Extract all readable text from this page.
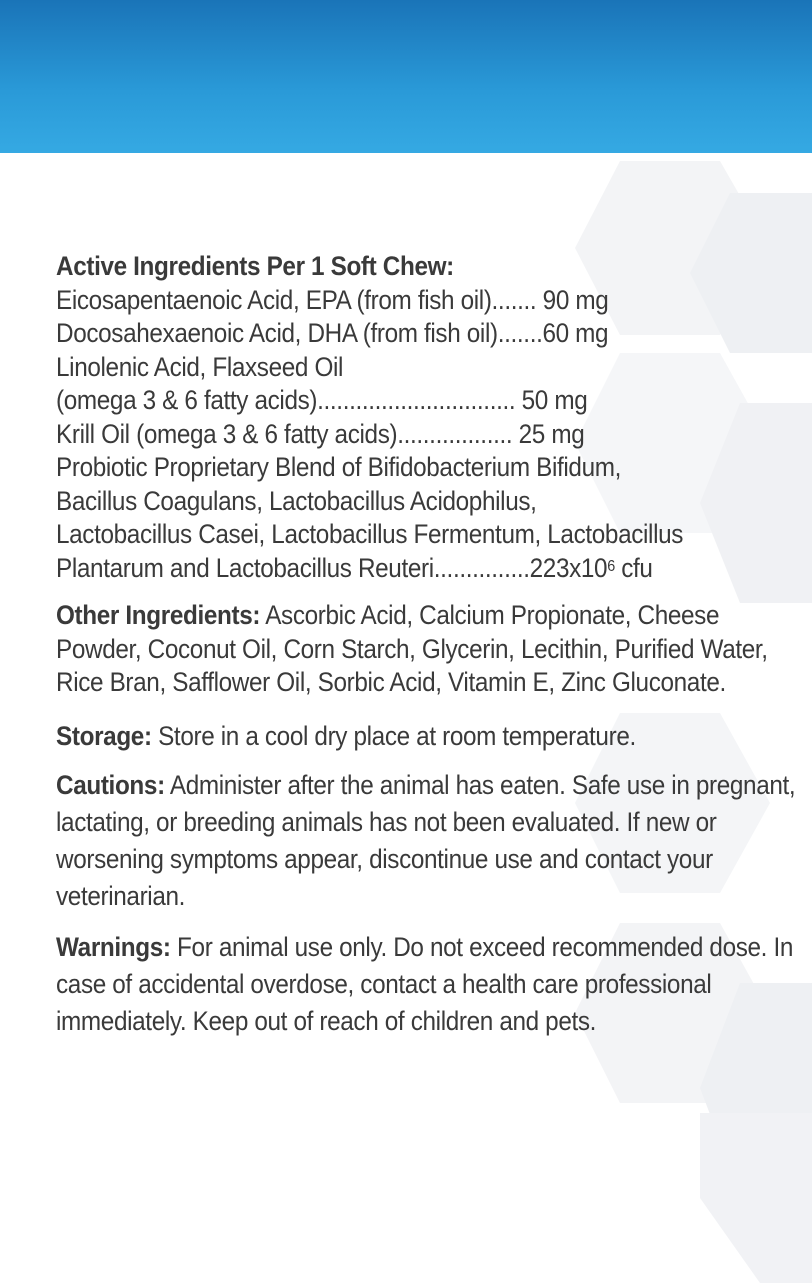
Active Ingredients Per 1 Soft Chew:
Eicosapentaenoic Acid, EPA (from fish oil)....... 90 mg
Docosahexaenoic Acid, DHA (from fish oil).......60 mg
Linolenic Acid, Flaxseed Oil
(omega 3 & 6 fatty acids)............................... 50 mg
Krill Oil (omega 3 & 6 fatty acids).................. 25 mg
Probiotic Proprietary Blend of Bifidobacterium Bifidum,
Bacillus Coagulans, Lactobacillus Acidophilus,
Lactobacillus Casei, Lactobacillus Fermentum, Lactobacillus
Plantarum and Lactobacillus $Reuteri...............223x10^6$ cfu
Other Ingredients: Ascorbic Acid, Calcium Propionate, Cheese Powder, Coconut Oil, Corn Starch, Glycerin, Lecithin, Purified Water, Rice Bran, Safflower Oil, Sorbic Acid, Vitamin E, Zinc Gluconate.
Storage: Store in a cool dry place at room temperature.
Cautions: Administer after the animal has eaten. Safe use in pregnant, lactating, or breeding animals has not been evaluated. If new or worsening symptoms appear, discontinue use and contact your veterinarian.
Warnings: For animal use only. Do not exceed recommended dose. In case of accidental overdose, contact a health care professional immediately. Keep out of reach of children and pets.
